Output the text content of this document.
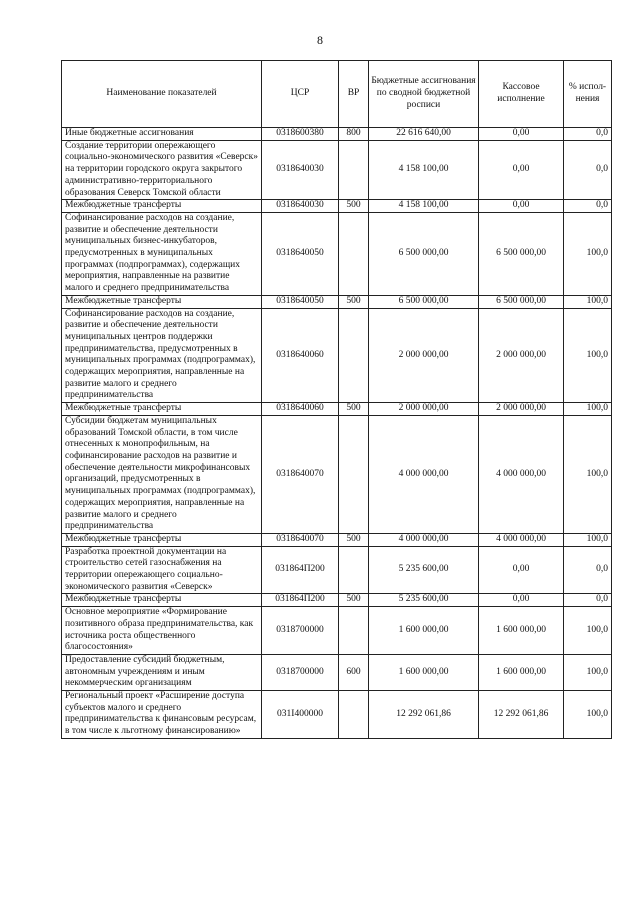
8
Наименование показателей	ЦСР	ВР	Бюджетные ассигнования по сводной бюджетной росписи	Кассовое исполнение	% испол-нения
Иные бюджетные ассигнования	0318600380	800	22 616 640,00	0,00	0,0
Создание территории опережающего социально-экономического развития «Северск» на территории городского округа закрытого административно-территориального образования Северск Томской области	0318640030		4 158 100,00	0,00	0,0
Межбюджетные трансферты	0318640030	500	4 158 100,00	0,00	0,0
Софинансирование расходов на создание, развитие и обеспечение деятельности муниципальных бизнес-инкубаторов, предусмотренных в муниципальных программах (подпрограммах), содержащих мероприятия, направленные на развитие малого и среднего предпринимательства	0318640050		6 500 000,00	6 500 000,00	100,0
Межбюджетные трансферты	0318640050	500	6 500 000,00	6 500 000,00	100,0
Софинансирование расходов на создание, развитие и обеспечение деятельности муниципальных центров поддержки предпринимательства, предусмотренных в муниципальных программах (подпрограммах), содержащих мероприятия, направленные на развитие малого и среднего предпринимательства	0318640060		2 000 000,00	2 000 000,00	100,0
Межбюджетные трансферты	0318640060	500	2 000 000,00	2 000 000,00	100,0
Субсидии бюджетам муниципальных образований Томской области, в том числе отнесенных к монопрофильным, на софинансирование расходов на развитие и обеспечение деятельности микрофинансовых организаций, предусмотренных в муниципальных программах (подпрограммах), содержащих мероприятия, направленные на развитие малого и среднего предпринимательства	0318640070		4 000 000,00	4 000 000,00	100,0
Межбюджетные трансферты	0318640070	500	4 000 000,00	4 000 000,00	100,0
Разработка проектной документации на строительство сетей газоснабжения на территории опережающего социально-экономического развития «Северск»	031864П200		5 235 600,00	0,00	0,0
Межбюджетные трансферты	031864П200	500	5 235 600,00	0,00	0,0
Основное мероприятие «Формирование позитивного образа предпринимательства, как источника роста общественного благосостояния»	0318700000		1 600 000,00	1 600 000,00	100,0
Предоставление субсидий бюджетным, автономным учреждениям и иным некоммерческим организациям	0318700000	600	1 600 000,00	1 600 000,00	100,0
Региональный проект «Расширение доступа субъектов малого и среднего предпринимательства к финансовым ресурсам, в том числе к льготному финансированию»	031I400000		12 292 061,86	12 292 061,86	100,0
